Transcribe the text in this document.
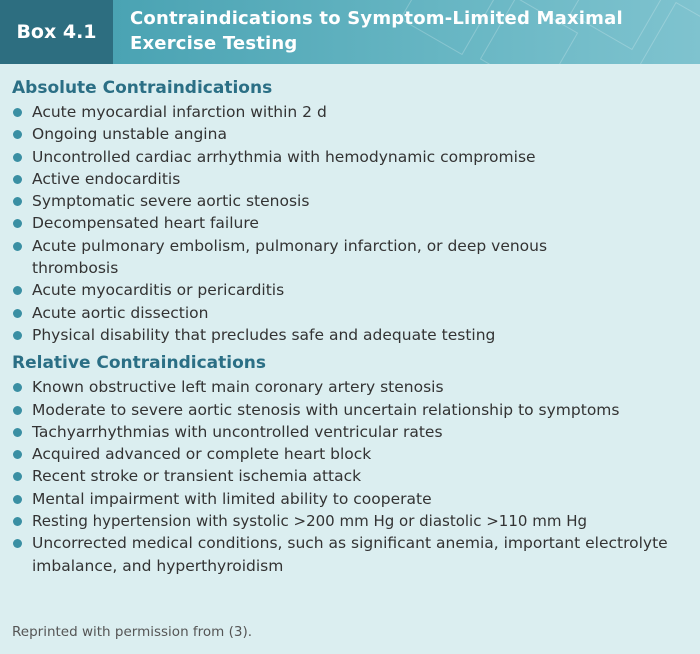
Box 4.1
Contraindications to Symptom-Limited Maximal
Exercise Testing
Absolute Contraindications
Acute myocardial infarction within 2 d
Ongoing unstable angina
Uncontrolled cardiac arrhythmia with hemodynamic compromise
Active endocarditis
Symptomatic severe aortic stenosis
Decompensated heart failure
Acute pulmonary embolism, pulmonary infarction, or deep venous thrombosis
Acute myocarditis or pericarditis
Acute aortic dissection
Physical disability that precludes safe and adequate testing
Relative Contraindications
Known obstructive left main coronary artery stenosis
Moderate to severe aortic stenosis with uncertain relationship to symptoms
Tachyarrhythmias with uncontrolled ventricular rates
Acquired advanced or complete heart block
Recent stroke or transient ischemia attack
Mental impairment with limited ability to cooperate
Resting hypertension with systolic >200 mm Hg or diastolic >110 mm Hg
Uncorrected medical conditions, such as significant anemia, important electrolyte imbalance, and hyperthyroidism
Reprinted with permission from (3).
